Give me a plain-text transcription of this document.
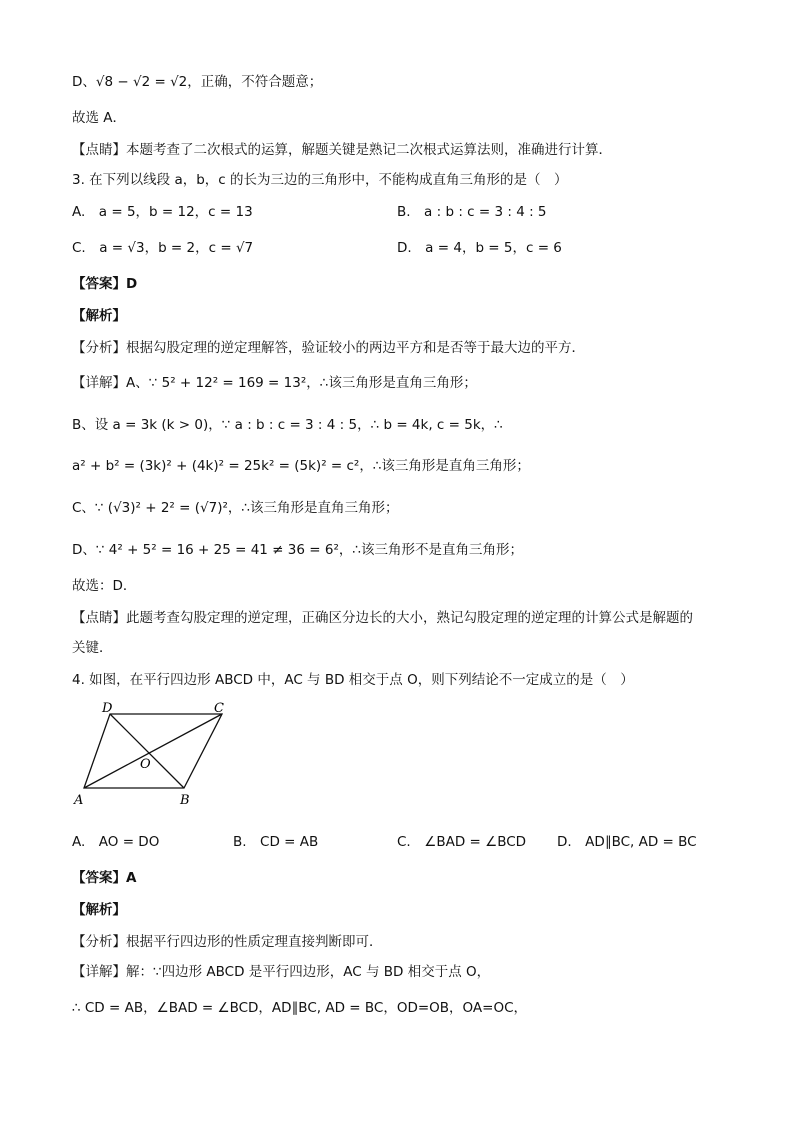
D、√8 − √2 = √2，正确，不符合题意；
故选 A．
【点睛】本题考查了二次根式的运算，解题关键是熟记二次根式运算法则，准确进行计算．
3. 在下列以线段 a，b，c 的长为三边的三角形中，不能构成直角三角形的是（　）
A.　a = 5，b = 12，c = 13	B.　a : b : c = 3 : 4 : 5
C.　a = √3，b = 2，c = √7	D.　a = 4，b = 5，c = 6
【答案】D
【解析】
【分析】根据勾股定理的逆定理解答，验证较小的两边平方和是否等于最大边的平方．
【详解】A、∵ 5² + 12² = 169 = 13²，∴该三角形是直角三角形；
B、设 a = 3k (k > 0)，∵ a : b : c = 3 : 4 : 5，∴ b = 4k, c = 5k，∴
a² + b² = (3k)² + (4k)² = 25k² = (5k)² = c²，∴该三角形是直角三角形；
C、∵ (√3)² + 2² = (√7)²，∴该三角形是直角三角形；
D、∵ 4² + 5² = 16 + 25 = 41 ≠ 36 = 6²，∴该三角形不是直角三角形；
故选：D．
【点睛】此题考查勾股定理的逆定理，正确区分边长的大小，熟记勾股定理的逆定理的计算公式是解题的
关键．
4. 如图，在平行四边形 ABCD 中，AC 与 BD 相交于点 O，则下列结论不一定成立的是（　）
A	B
C
D
O
A.　AO = DO	B.　CD = AB	C.　∠BAD = ∠BCD D.　AD∥BC, AD = BC
【答案】A
【解析】
【分析】根据平行四边形的性质定理直接判断即可．
【详解】解：∵四边形 ABCD 是平行四边形，AC 与 BD 相交于点 O，
∴ CD = AB，∠BAD = ∠BCD，AD∥BC, AD = BC，OD=OB，OA=OC，
